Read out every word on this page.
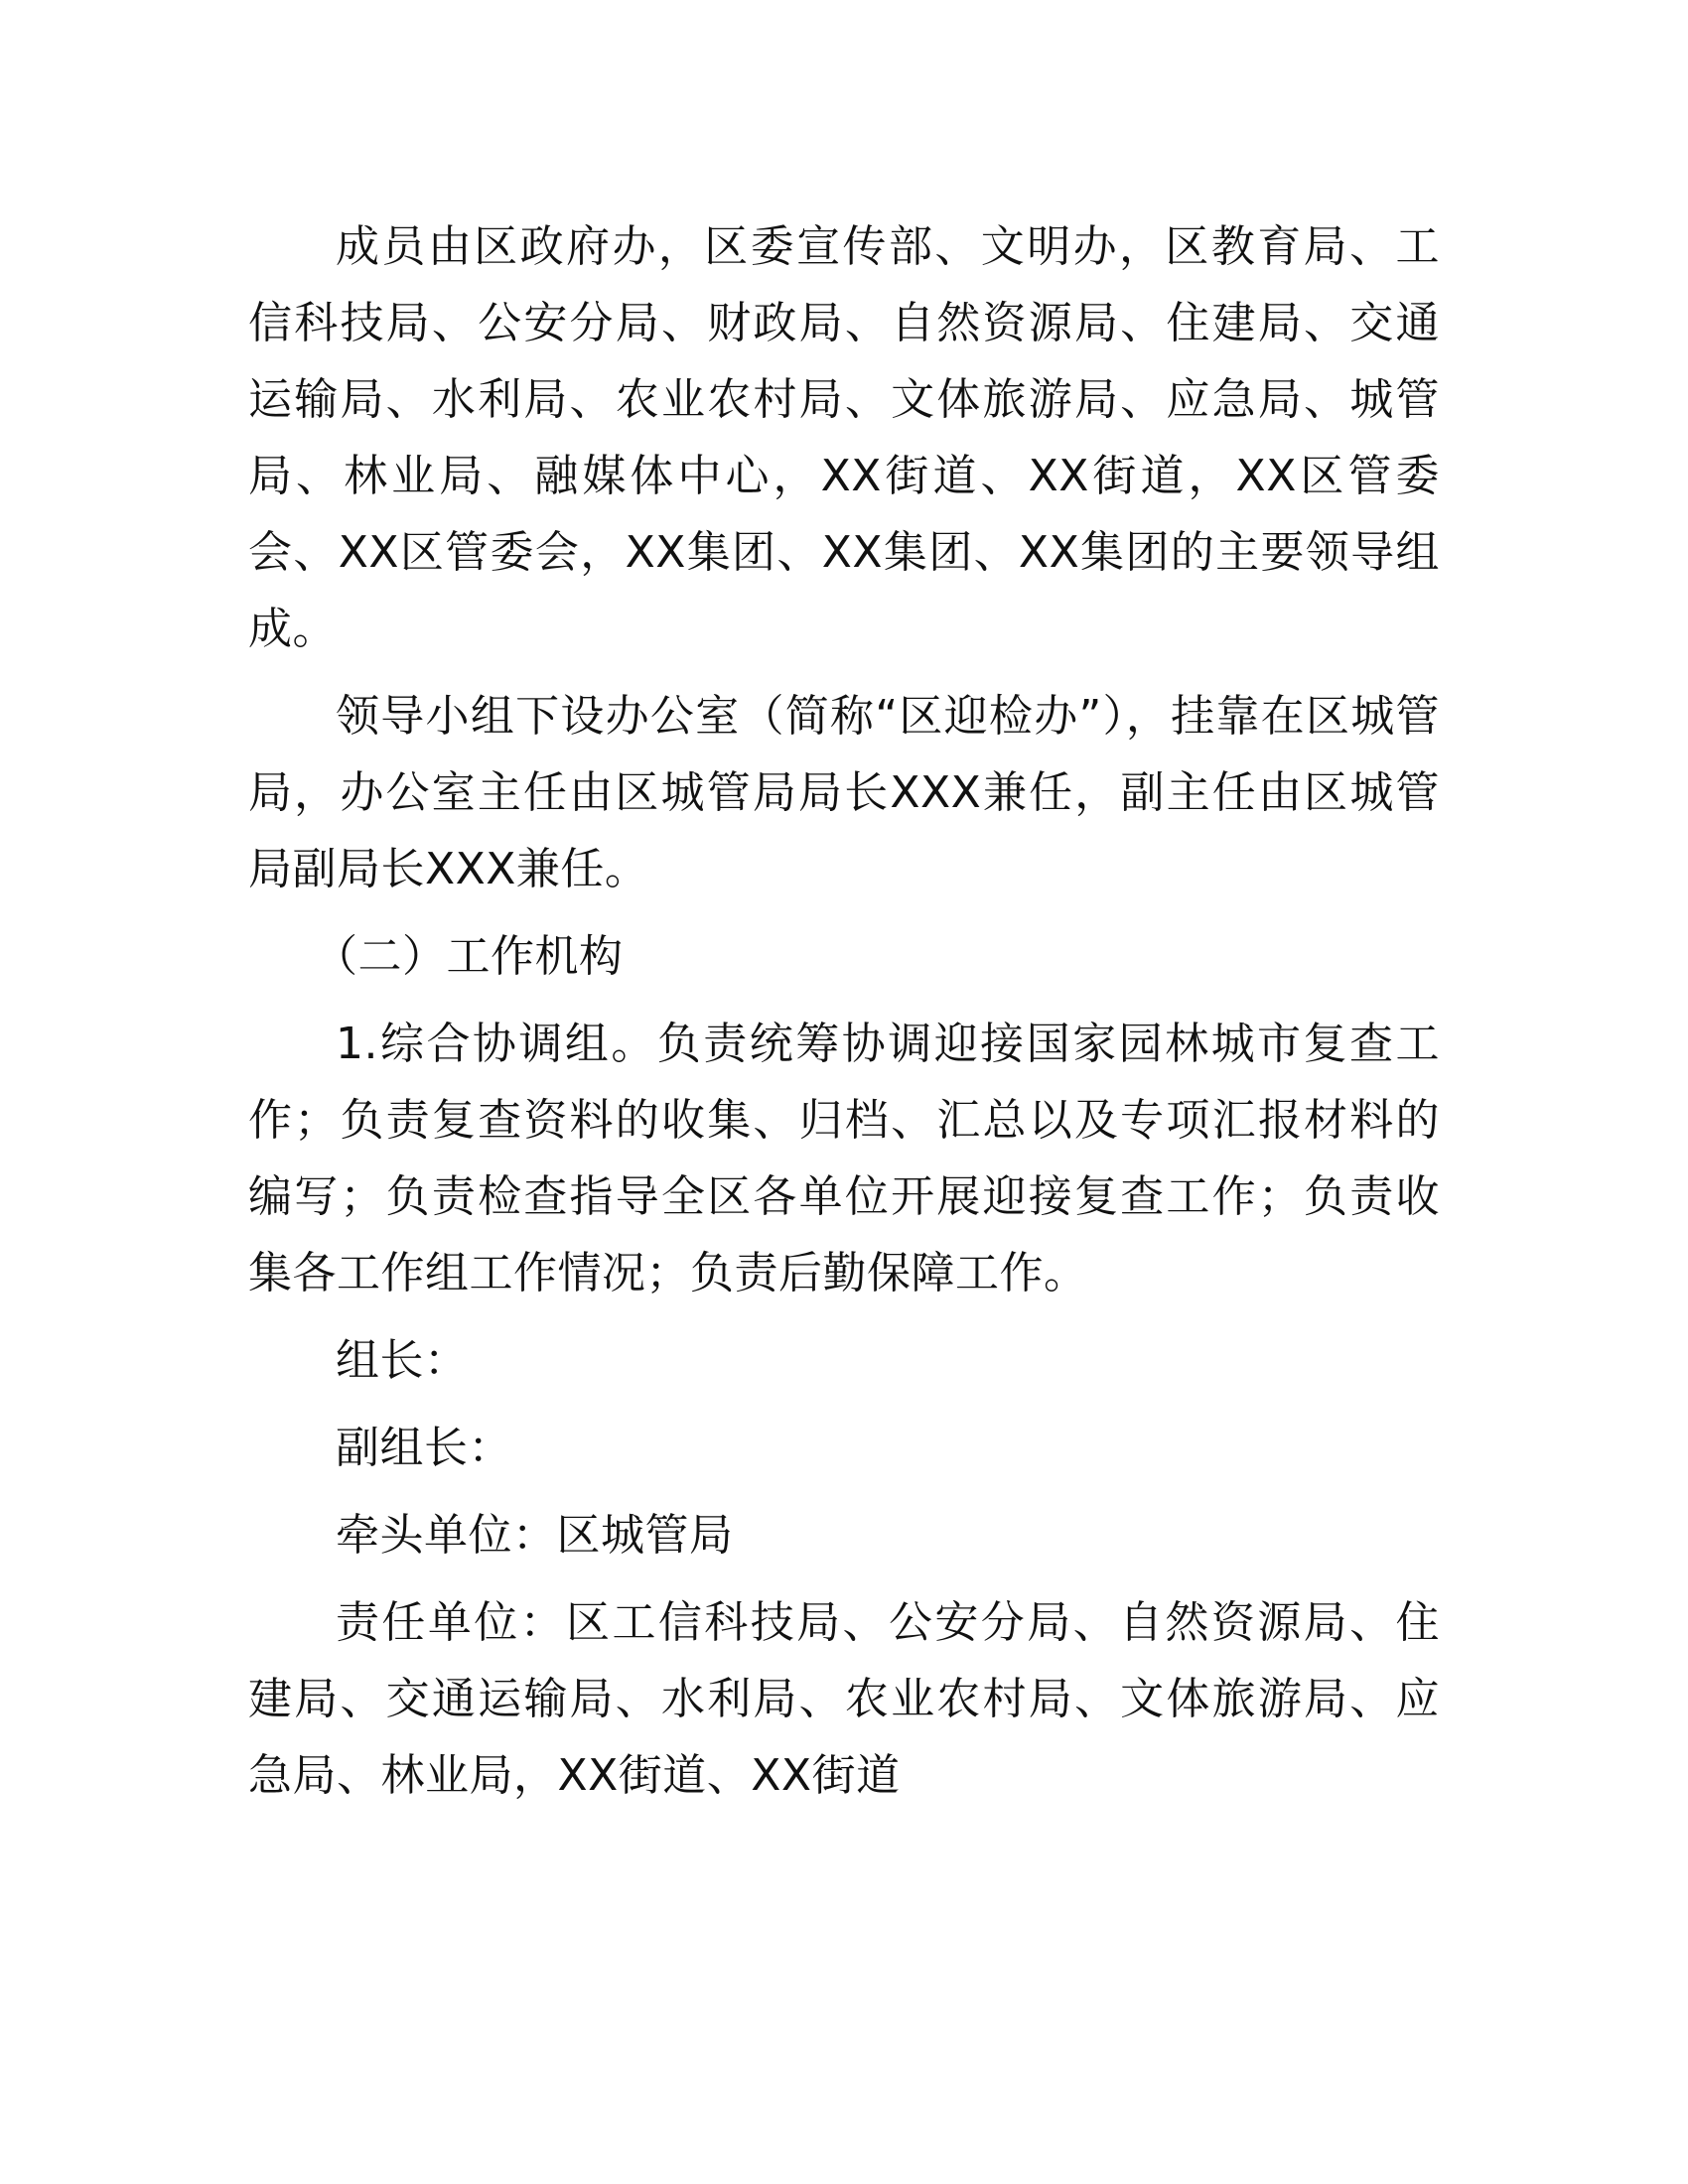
成员由区政府办，区委宣传部、文明办，区教育局、工信科技局、公安分局、财政局、自然资源局、住建局、交通运输局、水利局、农业农村局、文体旅游局、应急局、城管局、林业局、融媒体中心，XX街道、XX街道，XX区管委会、XX区管委会，XX集团、XX集团、XX集团的主要领导组成。

领导小组下设办公室（简称“区迎检办”），挂靠在区城管局，办公室主任由区城管局局长XXX兼任，副主任由区城管局副局长XXX兼任。

（二）工作机构

1.综合协调组。负责统筹协调迎接国家园林城市复查工作；负责复查资料的收集、归档、汇总以及专项汇报材料的编写；负责检查指导全区各单位开展迎接复查工作；负责收集各工作组工作情况；负责后勤保障工作。

组长：

副组长：

牵头单位：区城管局

责任单位：区工信科技局、公安分局、自然资源局、住建局、交通运输局、水利局、农业农村局、文体旅游局、应急局、林业局，XX街道、XX街道
